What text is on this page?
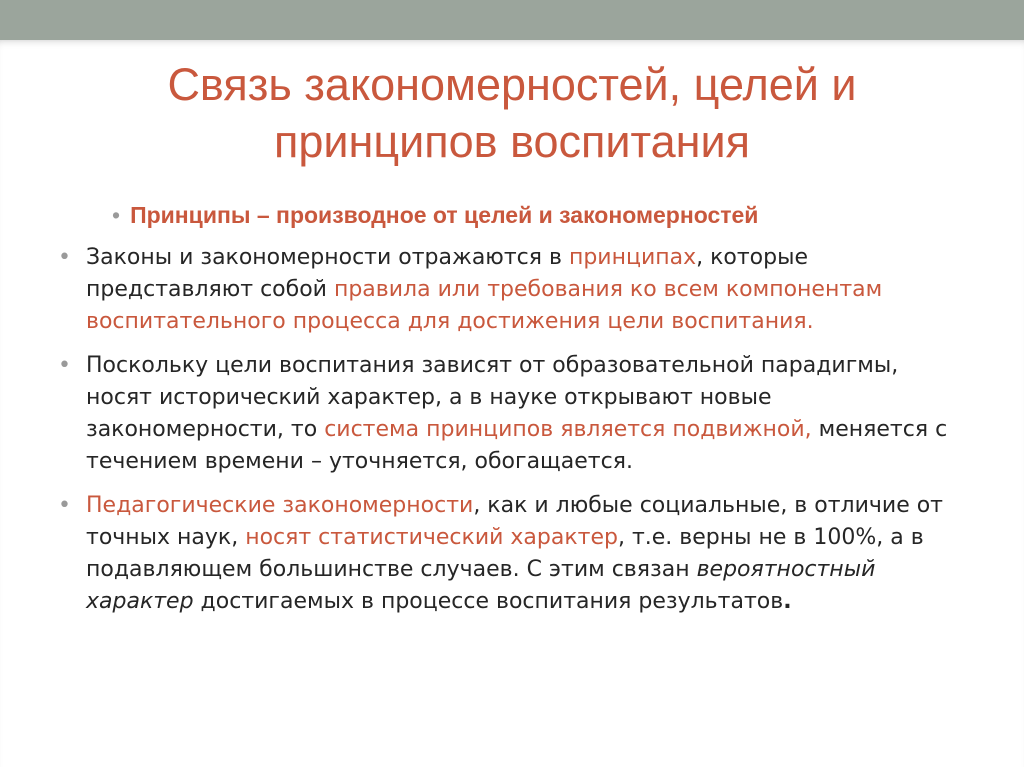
Связь закономерностей, целей и
принципов воспитания
• Принципы – производное от целей и закономерностей
• Законы и закономерности отражаются в принципах, которые представляют собой правила или требования ко всем компонентам воспитательного процесса для достижения цели воспитания.
• Поскольку цели воспитания зависят от образовательной парадигмы, носят исторический характер, а в науке открывают новые закономерности, то система принципов является подвижной, меняется с течением времени – уточняется, обогащается.
• Педагогические закономерности, как и любые социальные, в отличие от точных наук, носят статистический характер, т.е. верны не в 100%, а в подавляющем большинстве случаев. С этим связан вероятностный характер достигаемых в процессе воспитания результатов.
